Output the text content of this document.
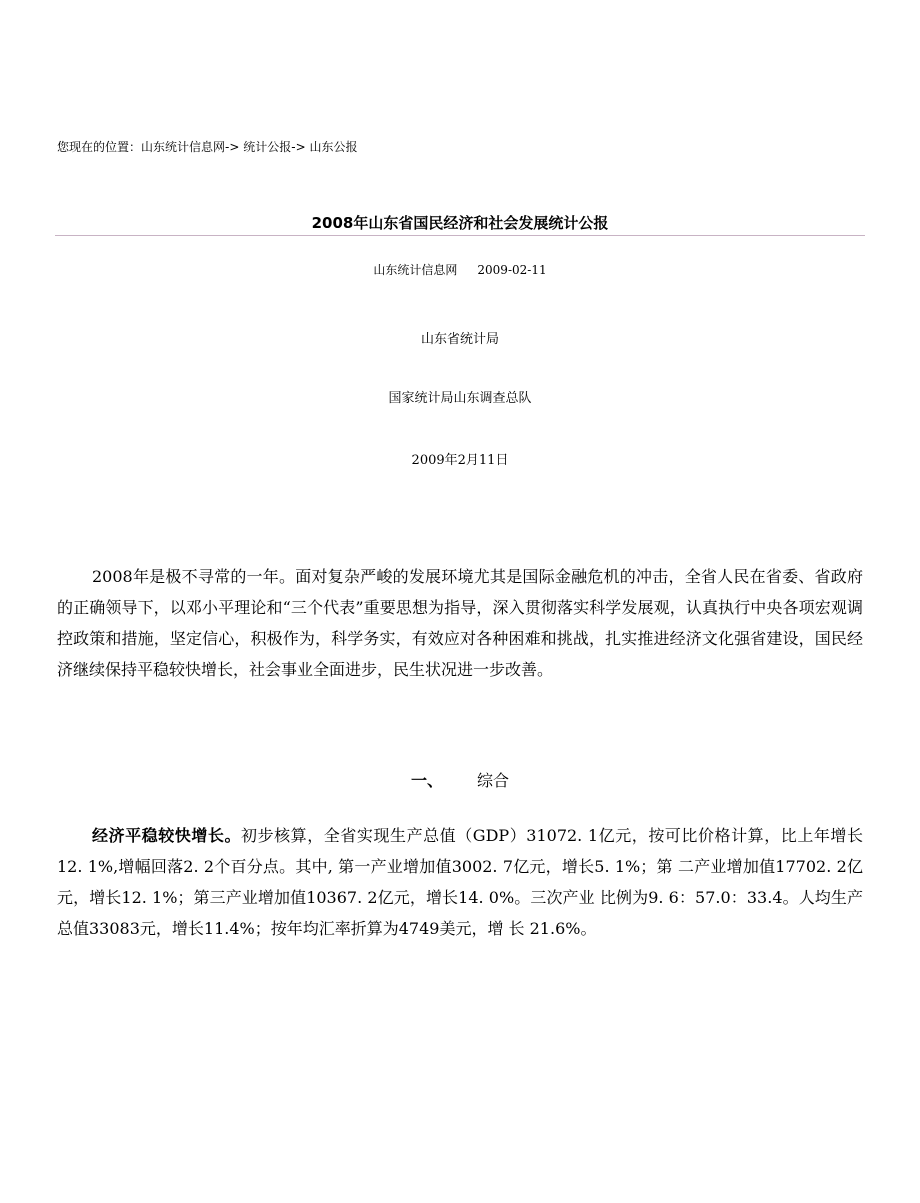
您现在的位置：山东统计信息网-> 统计公报-> 山东公报
2008年山东省国民经济和社会发展统计公报
山东统计信息网 2009-02-11
山东省统计局
国家统计局山东调查总队
2009年2月11日

2008年是极不寻常的一年。面对复杂严峻的发展环境尤其是国际金融危机的冲击，全省人民在省委、省政府的正确领导下，以邓小平理论和“三个代表”重要思想为指导，深入贯彻落实科学发展观，认真执行中央各项宏观调控政策和措施，坚定信心，积极作为，科学务实，有效应对各种困难和挑战，扎实推进经济文化强省建设，国民经济继续保持平稳较快增长，社会事业全面进步，民生状况进一步改善。

一、 综合

经济平稳较快增长。初步核算，全省实现生产总值（GDP）31072. 1亿元，按可比价格计算，比上年增长12. 1%,增幅回落2. 2个百分点。其中, 第一产业增加值3002. 7亿元，增长5. 1%；第 二产业增加值17702. 2亿元，增长12. 1%；第三产业增加值10367. 2亿元，增长14. 0%。三次产业 比例为9. 6：57.0：33.4。人均生产总值33083元，增长11.4%；按年均汇率折算为4749美元，增 长 21.6%。
